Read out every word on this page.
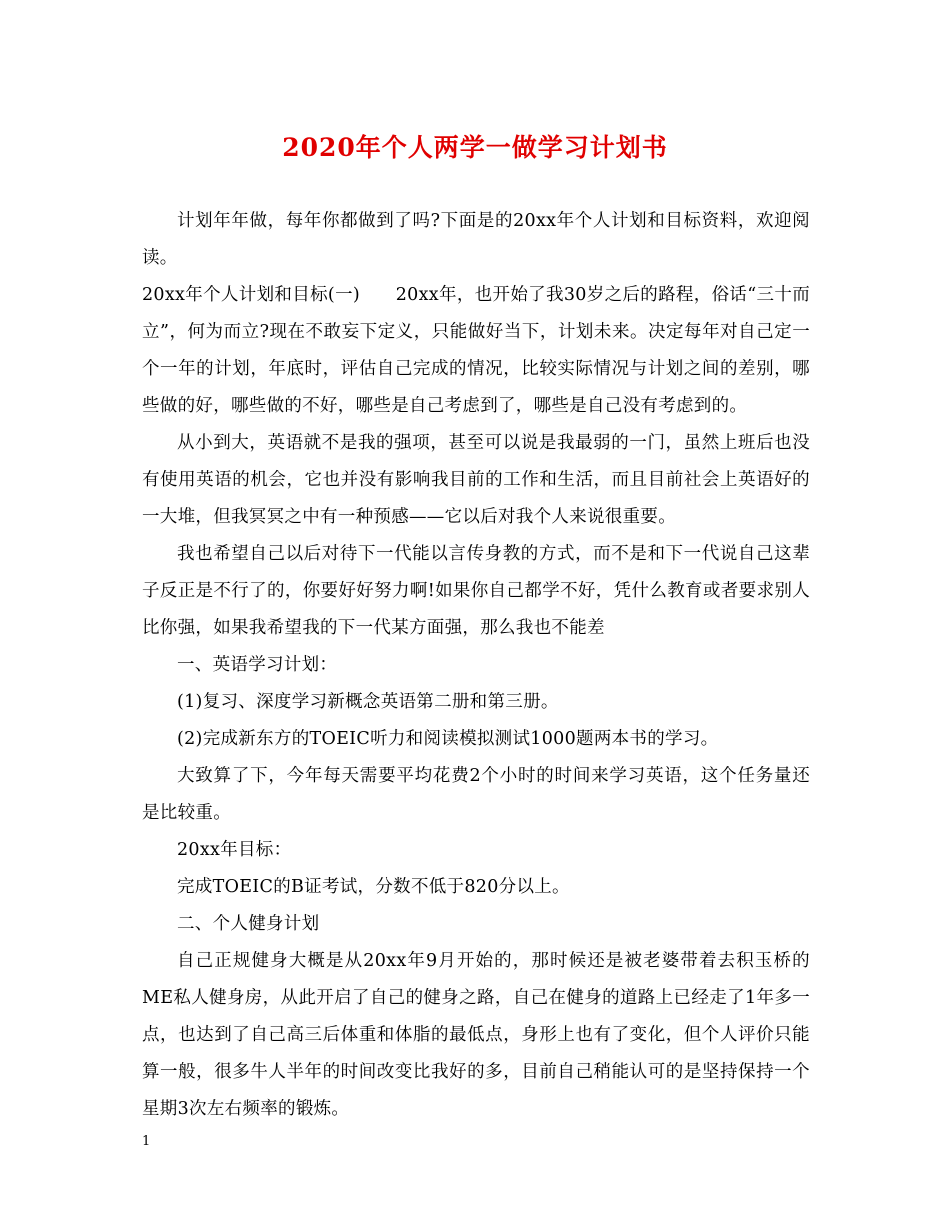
2020年个人两学一做学习计划书

计划年年做，每年你都做到了吗?下面是的20xx年个人计划和目标资料，欢迎阅读。

20xx年个人计划和目标(一)　　20xx年，也开始了我30岁之后的路程，俗话“三十而立”，何为而立?现在不敢妄下定义，只能做好当下，计划未来。决定每年对自己定一个一年的计划，年底时，评估自己完成的情况，比较实际情况与计划之间的差别，哪些做的好，哪些做的不好，哪些是自己考虑到了，哪些是自己没有考虑到的。

从小到大，英语就不是我的强项，甚至可以说是我最弱的一门，虽然上班后也没有使用英语的机会，它也并没有影响我目前的工作和生活，而且目前社会上英语好的一大堆，但我冥冥之中有一种预感——它以后对我个人来说很重要。

我也希望自己以后对待下一代能以言传身教的方式，而不是和下一代说自己这辈子反正是不行了的，你要好好努力啊!如果你自己都学不好，凭什么教育或者要求别人比你强，如果我希望我的下一代某方面强，那么我也不能差

一、英语学习计划：

(1)复习、深度学习新概念英语第二册和第三册。

(2)完成新东方的TOEIC听力和阅读模拟测试1000题两本书的学习。

大致算了下，今年每天需要平均花费2个小时的时间来学习英语，这个任务量还是比较重。

20xx年目标：

完成TOEIC的B证考试，分数不低于820分以上。

二、个人健身计划

自己正规健身大概是从20xx年9月开始的，那时候还是被老婆带着去积玉桥的ME私人健身房，从此开启了自己的健身之路，自己在健身的道路上已经走了1年多一点，也达到了自己高三后体重和体脂的最低点，身形上也有了变化，但个人评价只能算一般，很多牛人半年的时间改变比我好的多，目前自己稍能认可的是坚持保持一个星期3次左右频率的锻炼。

1
